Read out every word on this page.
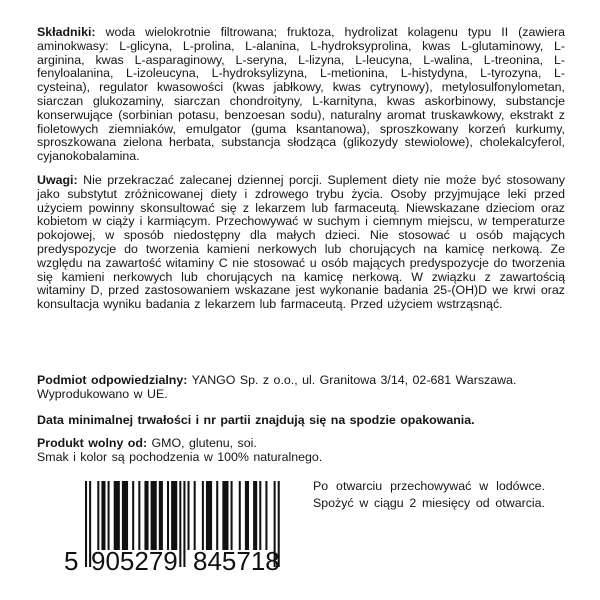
Składniki: woda wielokrotnie filtrowana; fruktoza, hydrolizat kolagenu typu II (zawiera aminokwasy: L-glicyna, L-prolina, L-alanina, L-hydroksyprolina, kwas L-glutaminowy, L-arginina, kwas L-asparaginowy, L-seryna, L-lizyna, L-leucyna, L-walina, L-treonina, L-fenyloalanina, L-izoleucyna, L-hydroksylizyna, L-metionina, L-histydyna, L-tyrozyna, L-cysteina), regulator kwasowości (kwas jabłkowy, kwas cytrynowy), metylosulfonylometan, siarczan glukozaminy, siarczan chondroityny, L-karnityna, kwas askorbinowy, substancje konserwujące (sorbinian potasu, benzoesan sodu), naturalny aromat truskawkowy, ekstrakt z fioletowych ziemniaków, emulgator (guma ksantanowa), sproszkowany korzeń kurkumy, sproszkowana zielona herbata, substancja słodząca (glikozydy stewiolowe), cholekalcyferol, cyjanokobalamina.

Uwagi: Nie przekraczać zalecanej dziennej porcji. Suplement diety nie może być stosowany jako substytut zróżnicowanej diety i zdrowego trybu życia. Osoby przyjmujące leki przed użyciem powinny skonsultować się z lekarzem lub farmaceutą. Niewskazane dzieciom oraz kobietom w ciąży i karmiącym. Przechowywać w suchym i ciemnym miejscu, w temperaturze pokojowej, w sposób niedostępny dla małych dzieci. Nie stosować u osób mających predyspozycje do tworzenia kamieni nerkowych lub chorujących na kamicę nerkową. Ze względu na zawartość witaminy C nie stosować u osób mających predyspozycje do tworzenia się kamieni nerkowych lub chorujących na kamicę nerkową. W związku z zawartością witaminy D, przed zastosowaniem wskazane jest wykonanie badania 25-(OH)D we krwi oraz konsultacja wyniku badania z lekarzem lub farmaceutą. Przed użyciem wstrząsnąć.

Podmiot odpowiedzialny: YANGO Sp. z o.o., ul. Granitowa 3/14, 02-681 Warszawa.
Wyprodukowano w UE.

Data minimalnej trwałości i nr partii znajdują się na spodzie opakowania.

Produkt wolny od: GMO, glutenu, soi.
Smak i kolor są pochodzenia w 100% naturalnego.

5 905279 845718
Po otwarciu przechowywać w lodówce.
Spożyć w ciągu 2 miesięcy od otwarcia.
